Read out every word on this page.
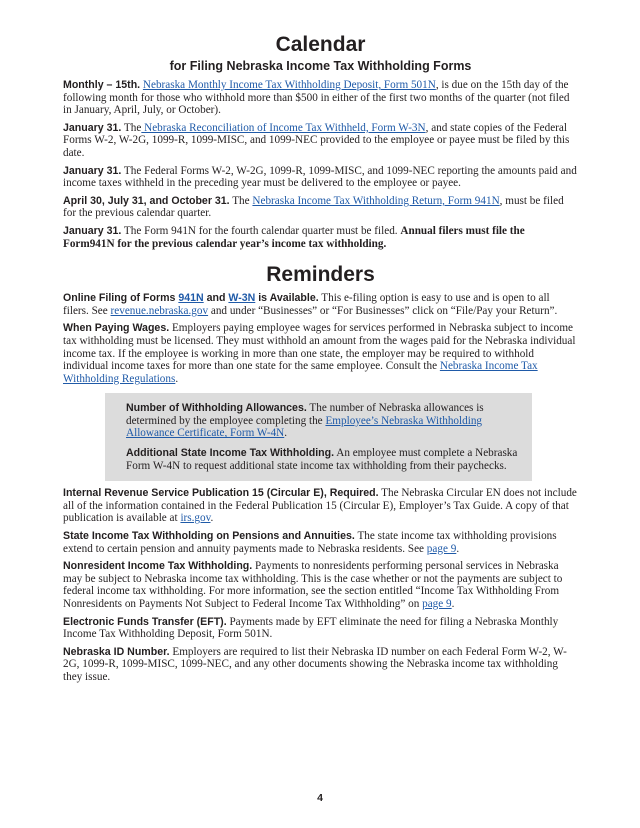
Calendar
for Filing Nebraska Income Tax Withholding Forms

Monthly – 15th. Nebraska Monthly Income Tax Withholding Deposit, Form 501N, is due on the 15th day of the following month for those who withhold more than $500 in either of the first two months of the quarter (not filed in January, April, July, or October).

January 31. The Nebraska Reconciliation of Income Tax Withheld, Form W-3N, and state copies of the Federal Forms W-2, W-2G, 1099-R, 1099-MISC, and 1099-NEC provided to the employee or payee must be filed by this date.

January 31. The Federal Forms W-2, W-2G, 1099-R, 1099-MISC, and 1099-NEC reporting the amounts paid and income taxes withheld in the preceding year must be delivered to the employee or payee.

April 30, July 31, and October 31. The Nebraska Income Tax Withholding Return, Form 941N, must be filed for the previous calendar quarter.

January 31. The Form 941N for the fourth calendar quarter must be filed. Annual filers must file the Form941N for the previous calendar year’s income tax withholding.

Reminders

Online Filing of Forms 941N and W-3N is Available. This e-filing option is easy to use and is open to all filers. See revenue.nebraska.gov and under “Businesses” or “For Businesses” click on “File/Pay your Return”.

When Paying Wages. Employers paying employee wages for services performed in Nebraska subject to income tax withholding must be licensed. They must withhold an amount from the wages paid for the Nebraska individual income tax. If the employee is working in more than one state, the employer may be required to withhold individual income taxes for more than one state for the same employee. Consult the Nebraska Income Tax Withholding Regulations.

Number of Withholding Allowances. The number of Nebraska allowances is determined by the employee completing the Employee’s Nebraska Withholding Allowance Certificate, Form W-4N.

Additional State Income Tax Withholding. An employee must complete a Nebraska Form W-4N to request additional state income tax withholding from their paychecks.

Internal Revenue Service Publication 15 (Circular E), Required. The Nebraska Circular EN does not include all of the information contained in the Federal Publication 15 (Circular E), Employer’s Tax Guide. A copy of that publication is available at irs.gov.

State Income Tax Withholding on Pensions and Annuities. The state income tax withholding provisions extend to certain pension and annuity payments made to Nebraska residents. See page 9.

Nonresident Income Tax Withholding. Payments to nonresidents performing personal services in Nebraska may be subject to Nebraska income tax withholding. This is the case whether or not the payments are subject to federal income tax withholding. For more information, see the section entitled “Income Tax Withholding From Nonresidents on Payments Not Subject to Federal Income Tax Withholding” on page 9.

Electronic Funds Transfer (EFT). Payments made by EFT eliminate the need for filing a Nebraska Monthly Income Tax Withholding Deposit, Form 501N.

Nebraska ID Number. Employers are required to list their Nebraska ID number on each Federal Form W-2, W-2G, 1099-R, 1099-MISC, 1099-NEC, and any other documents showing the Nebraska income tax withholding they issue.

4
